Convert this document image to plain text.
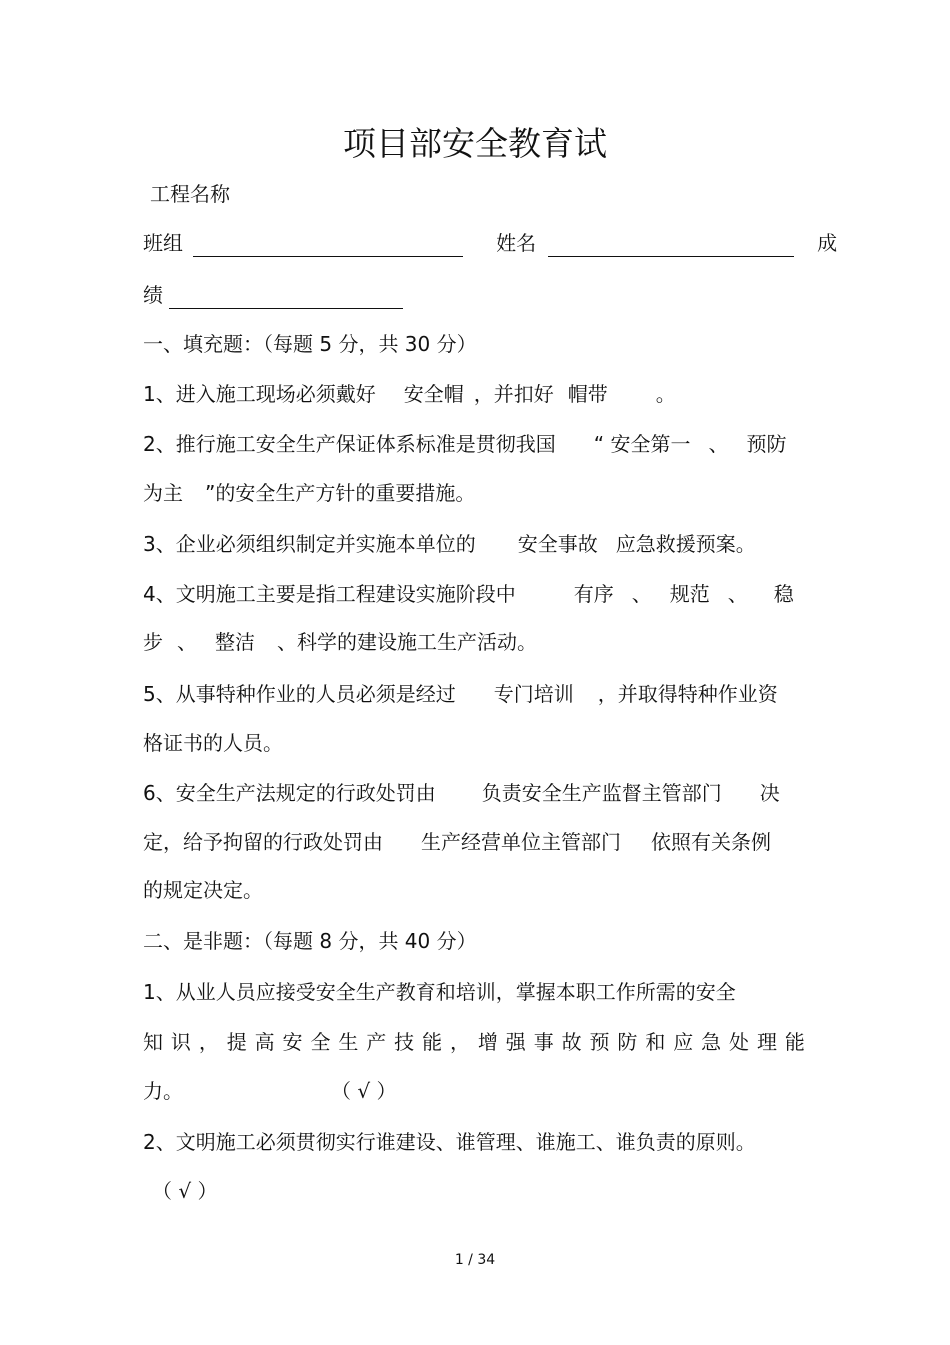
项目部安全教育试
工程名称
班组	姓名	成
绩
一、填充题：（每题 5 分，共 30 分）
1、进入施工现场必须戴好 安全帽 ，并扣好 帽带 。
2、推行施工安全生产保证体系标准是贯彻我国 “ 安全第一 、 预防
为主 ”的安全生产方针的重要措施。
3、企业必须组织制定并实施本单位的 安全事故 应急救援预案。
4、文明施工主要是指工程建设实施阶段中	有序 、 规范 、 稳
步 、 整洁 、科学的建设施工生产活动。
5、从事特种作业的人员必须是经过 专门培训 ，并取得特种作业资
格证书的人员。
6、安全生产法规定的行政处罚由 负责安全生产监督主管部门 决
定，给予拘留的行政处罚由 生产经营单位主管部门 依照有关条例
的规定决定。
二、是非题：（每题 8 分，共 40 分）
1、从业人员应接受安全生产教育和培训，掌握本职工作所需的安全
知 识 ， 提 高 安 全 生 产 技 能 ， 增 强 事 故 预 防 和 应 急 处 理 能
力。	（ √ ）
2、文明施工必须贯彻实行谁建设、谁管理、谁施工、谁负责的原则。
（ √ ）
1 / 34
